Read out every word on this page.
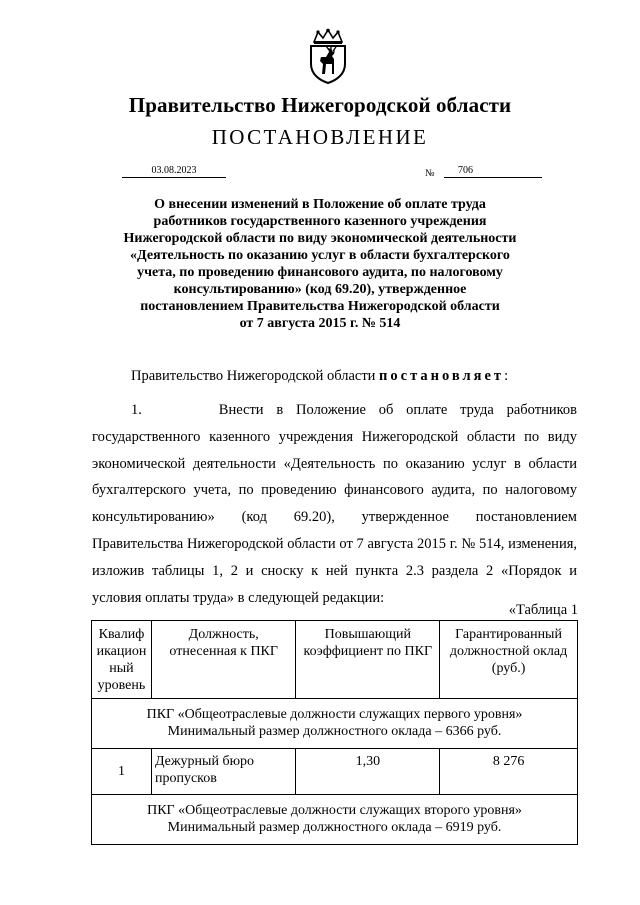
Правительство Нижегородской области
ПОСТАНОВЛЕНИЕ
03.08.2023	№	706
О внесении изменений в Положение об оплате труда
работников государственного казенного учреждения
Нижегородской области по виду экономической деятельности
«Деятельность по оказанию услуг в области бухгалтерского
учета, по проведению финансового аудита, по налоговому
консультированию» (код 69.20), утвержденное
постановлением Правительства Нижегородской области
от 7 августа 2015 г. № 514
Правительство Нижегородской области постановляет:
1.	Внести в Положение об оплате труда работников государственного казенного учреждения Нижегородской области по виду экономической деятельности «Деятельность по оказанию услуг в области бухгалтерского учета, по проведению финансового аудита, по налоговому консультированию» (код 69.20), утвержденное постановлением Правительства Нижегородской области от 7 августа 2015 г. № 514, изменения, изложив таблицы 1, 2 и сноску к ней пункта 2.3 раздела 2 «Порядок и условия оплаты труда» в следующей редакции:
«Таблица 1
Квалиф икацион ный уровень	Должность, отнесенная к ПКГ	Повышающий коэффициент по ПКГ	Гарантированный должностной оклад (руб.)

ПКГ «Общеотраслевые должности служащих первого уровня»
Минимальный размер должностного оклада – 6366 руб.			

1	Дежурный бюро пропусков	1,30	8 276

ПКГ «Общеотраслевые должности служащих второго уровня»
Минимальный размер должностного оклада – 6919 руб.			
